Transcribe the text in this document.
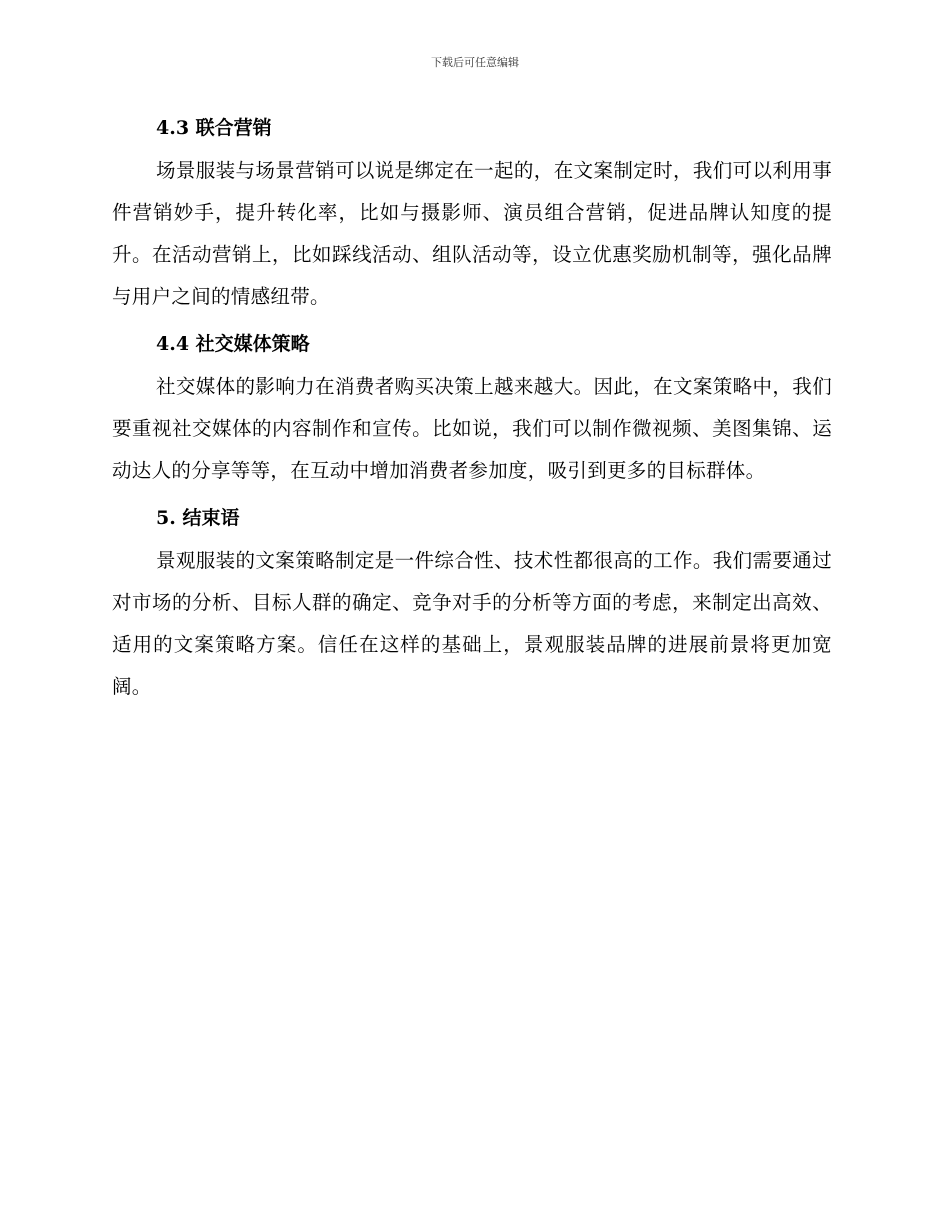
下载后可任意编辑
4.3 联合营销

场景服装与场景营销可以说是绑定在一起的，在文案制定时，我们可以利用事件营销妙手，提升转化率，比如与摄影师、演员组合营销，促进品牌认知度的提升。在活动营销上，比如踩线活动、组队活动等，设立优惠奖励机制等，强化品牌与用户之间的情感纽带。

4.4 社交媒体策略

社交媒体的影响力在消费者购买决策上越来越大。因此，在文案策略中，我们要重视社交媒体的内容制作和宣传。比如说，我们可以制作微视频、美图集锦、运动达人的分享等等，在互动中增加消费者参加度，吸引到更多的目标群体。

5. 结束语

景观服装的文案策略制定是一件综合性、技术性都很高的工作。我们需要通过对市场的分析、目标人群的确定、竞争对手的分析等方面的考虑，来制定出高效、适用的文案策略方案。信任在这样的基础上，景观服装品牌的进展前景将更加宽阔。
